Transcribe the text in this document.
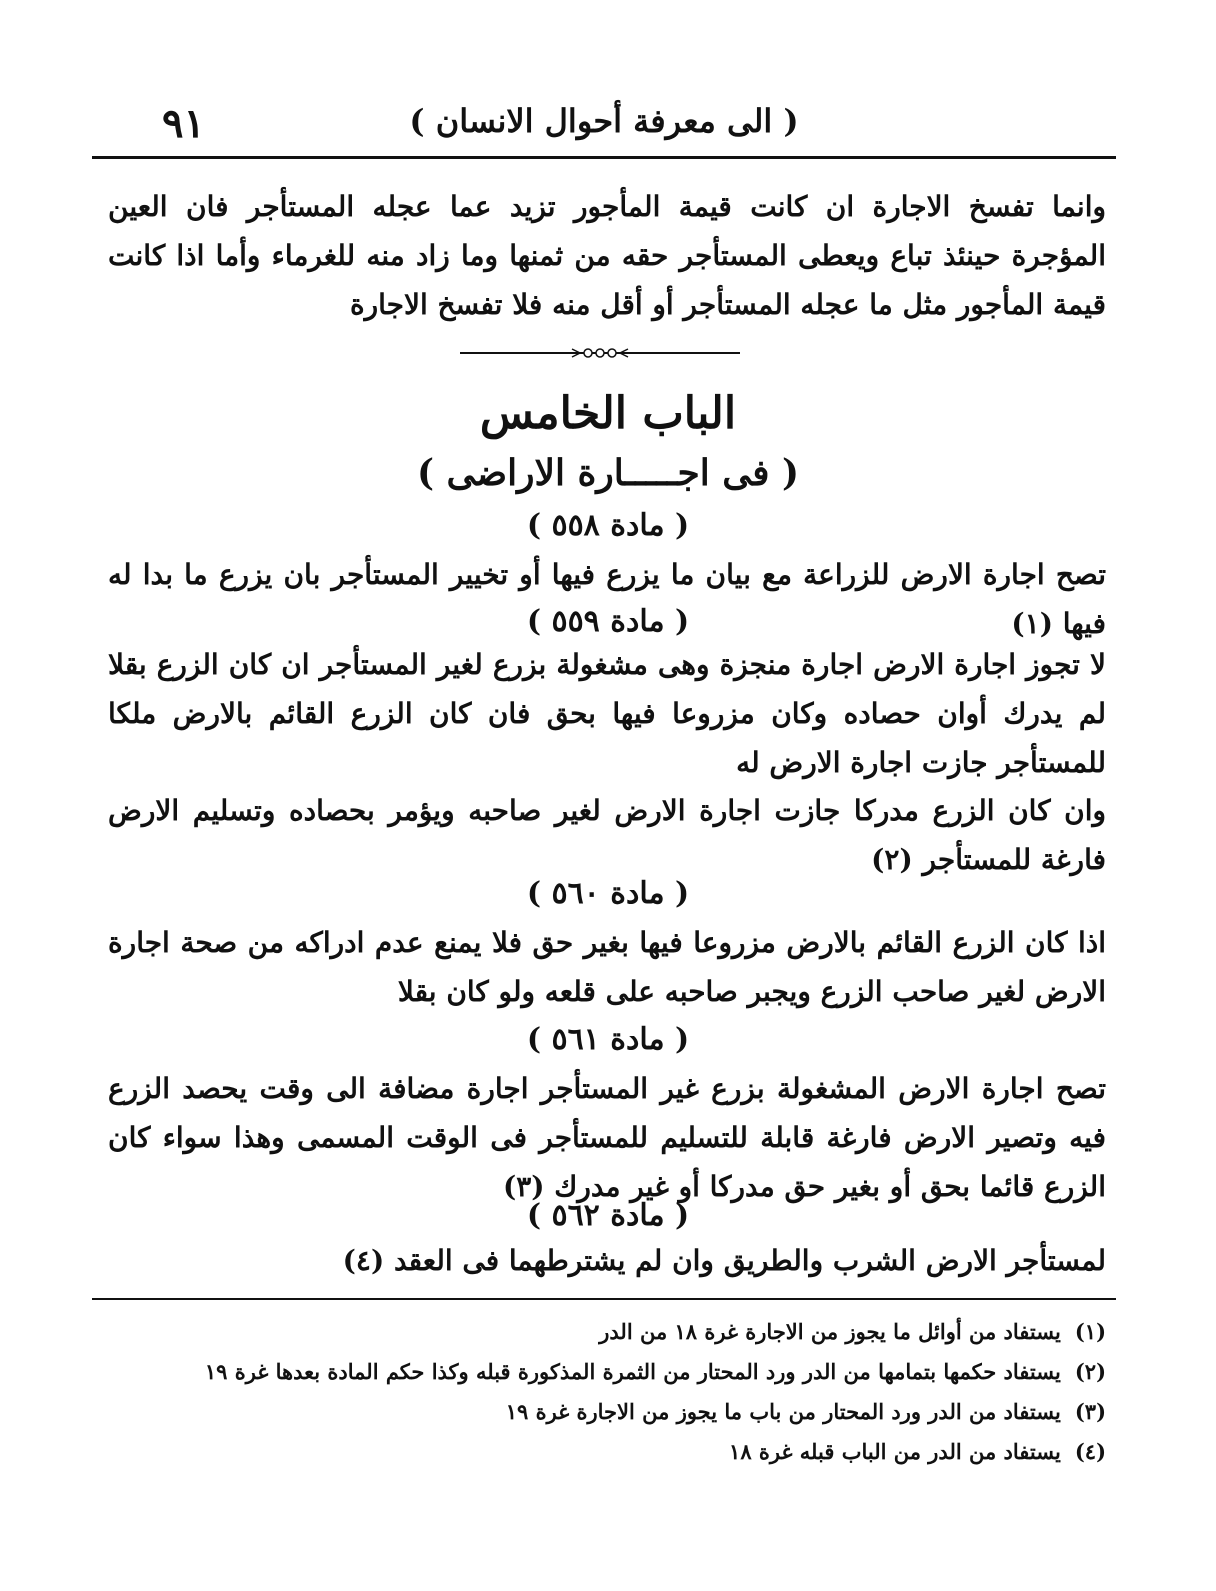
٩١	( الى معرفة أحوال الانسان )
وانما تفسخ الاجارة ان كانت قيمة المأجور تزيد عما عجله المستأجر فان العين المؤجرة حينئذ تباع ويعطى المستأجر حقه من ثمنها وما زاد منه للغرماء وأما اذا كانت قيمة المأجور مثل ما عجله المستأجر أو أقل منه فلا تفسخ الاجارة
الباب الخامس
( فى اجـــــارة الاراضى )
( مادة ٥٥٨ )
تصح اجارة الارض للزراعة مع بيان ما يزرع فيها أو تخيير المستأجر بان يزرع ما بدا له فيها (١)
( مادة ٥٥٩ )
لا تجوز اجارة الارض اجارة منجزة وهى مشغولة بزرع لغير المستأجر ان كان الزرع بقلا لم يدرك أوان حصاده وكان مزروعا فيها بحق فان كان الزرع القائم بالارض ملكا للمستأجر جازت اجارة الارض له
وان كان الزرع مدركا جازت اجارة الارض لغير صاحبه ويؤمر بحصاده وتسليم الارض فارغة للمستأجر (٢)
( مادة ٥٦٠ )
اذا كان الزرع القائم بالارض مزروعا فيها بغير حق فلا يمنع عدم ادراكه من صحة اجارة الارض لغير صاحب الزرع ويجبر صاحبه على قلعه ولو كان بقلا
( مادة ٥٦١ )
تصح اجارة الارض المشغولة بزرع غير المستأجر اجارة مضافة الى وقت يحصد الزرع فيه وتصير الارض فارغة قابلة للتسليم للمستأجر فى الوقت المسمى وهذا سواء كان الزرع قائما بحق أو بغير حق مدركا أو غير مدرك (٣)
( مادة ٥٦٢ )
لمستأجر الارض الشرب والطريق وان لم يشترطهما فى العقد (٤)
(١)يستفاد من أوائل ما يجوز من الاجارة غرة ١٨ من الدر
(٢)يستفاد حكمها بتمامها من الدر ورد المحتار من الثمرة المذكورة قبله وكذا حكم المادة بعدها غرة ١٩
(٣)يستفاد من الدر ورد المحتار من باب ما يجوز من الاجارة غرة ١٩
(٤)يستفاد من الدر من الباب قبله غرة ١٨
